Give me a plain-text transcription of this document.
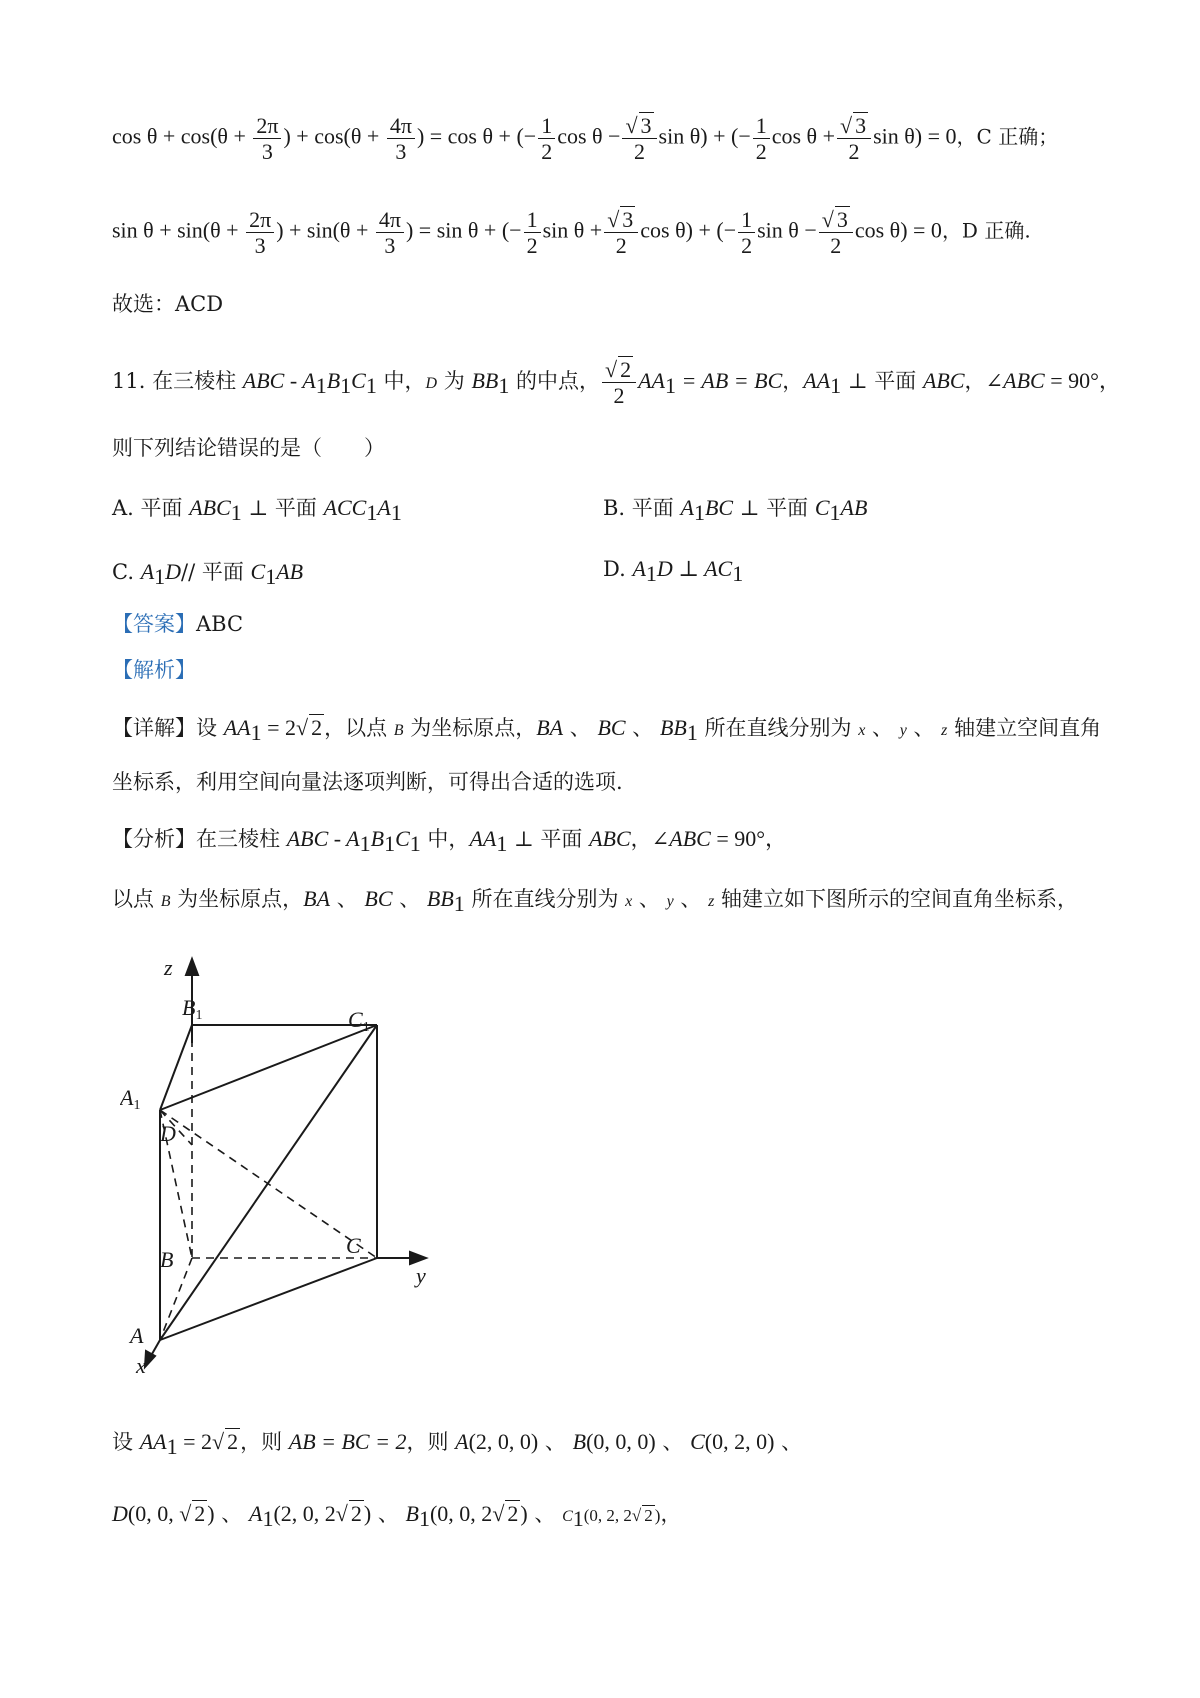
$\cos \theta + \cos(\theta + \frac{2\pi}{3}$ ) + $\cos(\theta + \frac{4\pi}{3}$ ) = cos θ + (− $\frac{1}{2}$ $\cos \theta - \frac{√ 3}{2}$ sin θ) + (− $\frac{1}{2}$ $\cos \theta + \frac{√ 3}{2}$ sin θ) = 0，C 正确；
$\sin \theta + \sin(\theta + \frac{2\pi}{3}$ ) + $\sin(\theta + \frac{4\pi}{3}$ ) = sin θ + (− $\frac{1}{2}$ $\sin \theta + \frac{√ 3}{2}$ cos θ) + (− $\frac{1}{2}$ $\sin \theta - \frac{√ 3}{2}$ cos θ) = 0，D 正确.
故选：ACD
11. 在三棱柱 ABC - $A_1B_1C_1$ 中，D 为 $BB_1$ 的中点， $\frac{√ 2}{2} AA_1$ = AB = BC，$AA_1$ ⊥ 平面 ABC，∠ABC = 90°，
则下列结论错误的是（　　）
A. 平面 $ABC_1$ ⊥ 平面 $ACC_1A_1$	B. 平面 $A_1BC$ ⊥ 平面 $C_1AB$
C. $A_1D//$ 平面 $C_1AB$	D. $A_1D$ ⊥ $AC_1$
【答案】ABC
【解析】
【详解】设 $AA_1 = 2√$ 2，以点 B 为坐标原点，BA 、 BC 、 $BB_1$ 所在直线分别为 x 、 y 、 z 轴建立空间直角
坐标系，利用空间向量法逐项判断，可得出合适的选项.
【分析】在三棱柱 ABC - $A_1B_1C_1$ 中，$AA_1$ ⊥ 平面 ABC，∠ABC = 90°，
以点 B 为坐标原点，BA 、 BC 、 $BB_1$ 所在直线分别为 x 、 y 、 z 轴建立如下图所示的空间直角坐标系，
z
y
x
B1	C1
A1
D
B
C
A
设 $AA_1 = 2√$ 2，则 AB = BC = 2，则 A(2, 0, 0) 、 B(0, 0, 0) 、 C(0, 2, 0) 、
D(0, 0, √ 2) 、 $A_1(2$, 0, 2√ 2) 、 $B_1(0$, 0, 2√ 2) 、 $C_1(0$, 2, 2√ 2 )，
